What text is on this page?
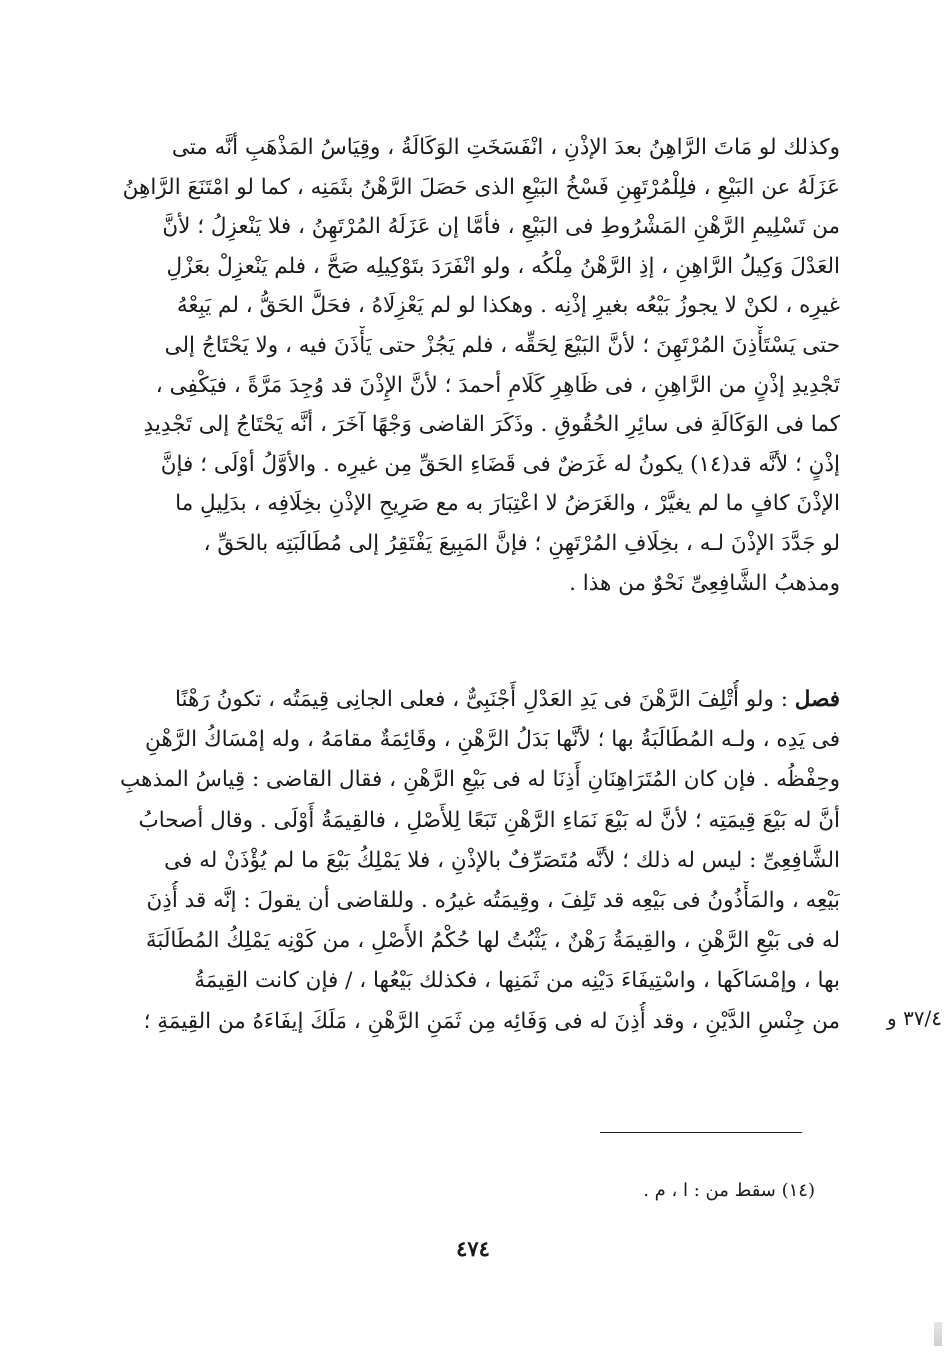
وكذلك لو مَاتَ الرَّاهِنُ بعدَ الإذْنِ ، انْفَسَخَتِ الوَكَالَةُ ، وقِيَاسُ المَذْهَبِ أنَّه متى
عَزَلَهُ عن البَيْعِ ، فلِلْمُرْتَهِنِ فَسْخُ البَيْعِ الذى حَصَلَ الرَّهْنُ بثَمَنِه ، كما لو امْتَنَعَ الرَّاهِنُ
من تَسْلِيمِ الرَّهْنِ المَشْرُوطِ فى البَيْعِ ، فأمَّا إن عَزَلَهُ المُرْتَهِنُ ، فلا يَنْعزِلُ ؛ لأنَّ
العَدْلَ وَكِيلُ الرَّاهِنِ ، إذِ الرَّهْنُ مِلْكُه ، ولو انْفَرَدَ بتَوْكِيلِه صَحَّ ، فلم يَنْعزِلْ بعَزْلِ
غيرِه ، لكنْ لا يجوزُ بَيْعُه بغيرِ إذْنِه . وهكذا لو لم يَعْزِلَاهُ ، فحَلَّ الحَقُّ ، لم يَبِعْهُ
حتى يَسْتَأْذِنَ المُرْتَهِنَ ؛ لأنَّ البَيْعَ لِحَقِّه ، فلم يَجُزْ حتى يَأْذَنَ فيه ، ولا يَحْتَاجُ إلى
تَجْدِيدِ إذْنٍ من الرَّاهِنِ ، فى ظَاهِرِ كَلَامِ أحمدَ ؛ لأنَّ الإِذْنَ قد وُجِدَ مَرَّةً ، فيَكْفِى ،
كما فى الوَكَالَةِ فى سائِرِ الحُقُوقِ . وذَكَرَ القاضى وَجْهًا آخَرَ ، أنَّه يَحْتَاجُ إلى تَجْدِيدِ
إذْنٍ ؛ لأنَّه قد(١٤) يكونُ له غَرَضٌ فى قَضَاءِ الحَقِّ مِن غيرِه . والأوَّلُ أوْلَى ؛ فإنَّ
الإذْنَ كافٍ ما لم يغيَّرْ ، والغَرَضُ لا اعْتِبَارَ به مع صَرِيحِ الإذْنِ بخِلَافِه ، بدَلِيلِ ما
لو جَدَّدَ الإذْنَ لـه ، بخِلَافِ المُرْتَهِنِ ؛ فإنَّ المَبِيعَ يَفْتَقِرُ إلى مُطَالَبَتِه بالحَقِّ ،
ومذهبُ الشَّافِعِىِّ نَحْوٌ من هذا .
فصل : ولو أُتْلِفَ الرَّهْنَ فى يَدِ العَدْلِ أَجْنَبِىٌّ ، فعلى الجانِى قِيمَتُه ، تكونُ رَهْنًا
فى يَدِه ، ولـه المُطَالَبَةُ بها ؛ لأنَّها بَدَلُ الرَّهْنِ ، وقَائِمَةٌ مقامَهُ ، وله إمْسَاكُ الرَّهْنِ
وحِفْظُه . فإن كان المُتَرَاهِنَانِ أَذِنَا له فى بَيْعِ الرَّهْنِ ، فقال القاضى : قِياسُ المذهبِ
أنَّ له بَيْعَ قِيمَتِه ؛ لأنَّ له بَيْعَ نَمَاءِ الرَّهْنِ تَبَعًا لِلأَصْلِ ، فالقِيمَةُ أَوْلَى . وقال أصحابُ
الشَّافِعِىِّ : ليس له ذلك ؛ لأنَّه مُتَصَرِّفٌ بالإذْنِ ، فلا يَمْلِكُ بَيْعَ ما لم يُؤْذَنْ له فى
بَيْعِه ، والمَأْذُونُ فى بَيْعِه قد تَلِفَ ، وقِيمَتُه غيرُه . وللقاضى أن يقولَ : إنَّه قد أُذِنَ
له فى بَيْعِ الرَّهْنِ ، والقِيمَةُ رَهْنٌ ، يَثْبُتُ لها حُكْمُ الأَصْلِ ، من كَوْنِه يَمْلِكُ المُطَالَبَةَ
بها ، وإمْسَاكَها ، واسْتِيفَاءَ دَيْنِه من ثَمَنِها ، فكذلك بَيْعُها ، / فإن كانت القِيمَةُ
من جِنْسِ الدَّيْنِ ، وقد أُذِنَ له فى وَفَائِه مِن ثَمَنِ الرَّهْنِ ، مَلَكَ إيفَاءَهُ من القِيمَةِ ؛	٣٧/٤ و
(١٤) سقط من : ا ، م .
٤٧٤
